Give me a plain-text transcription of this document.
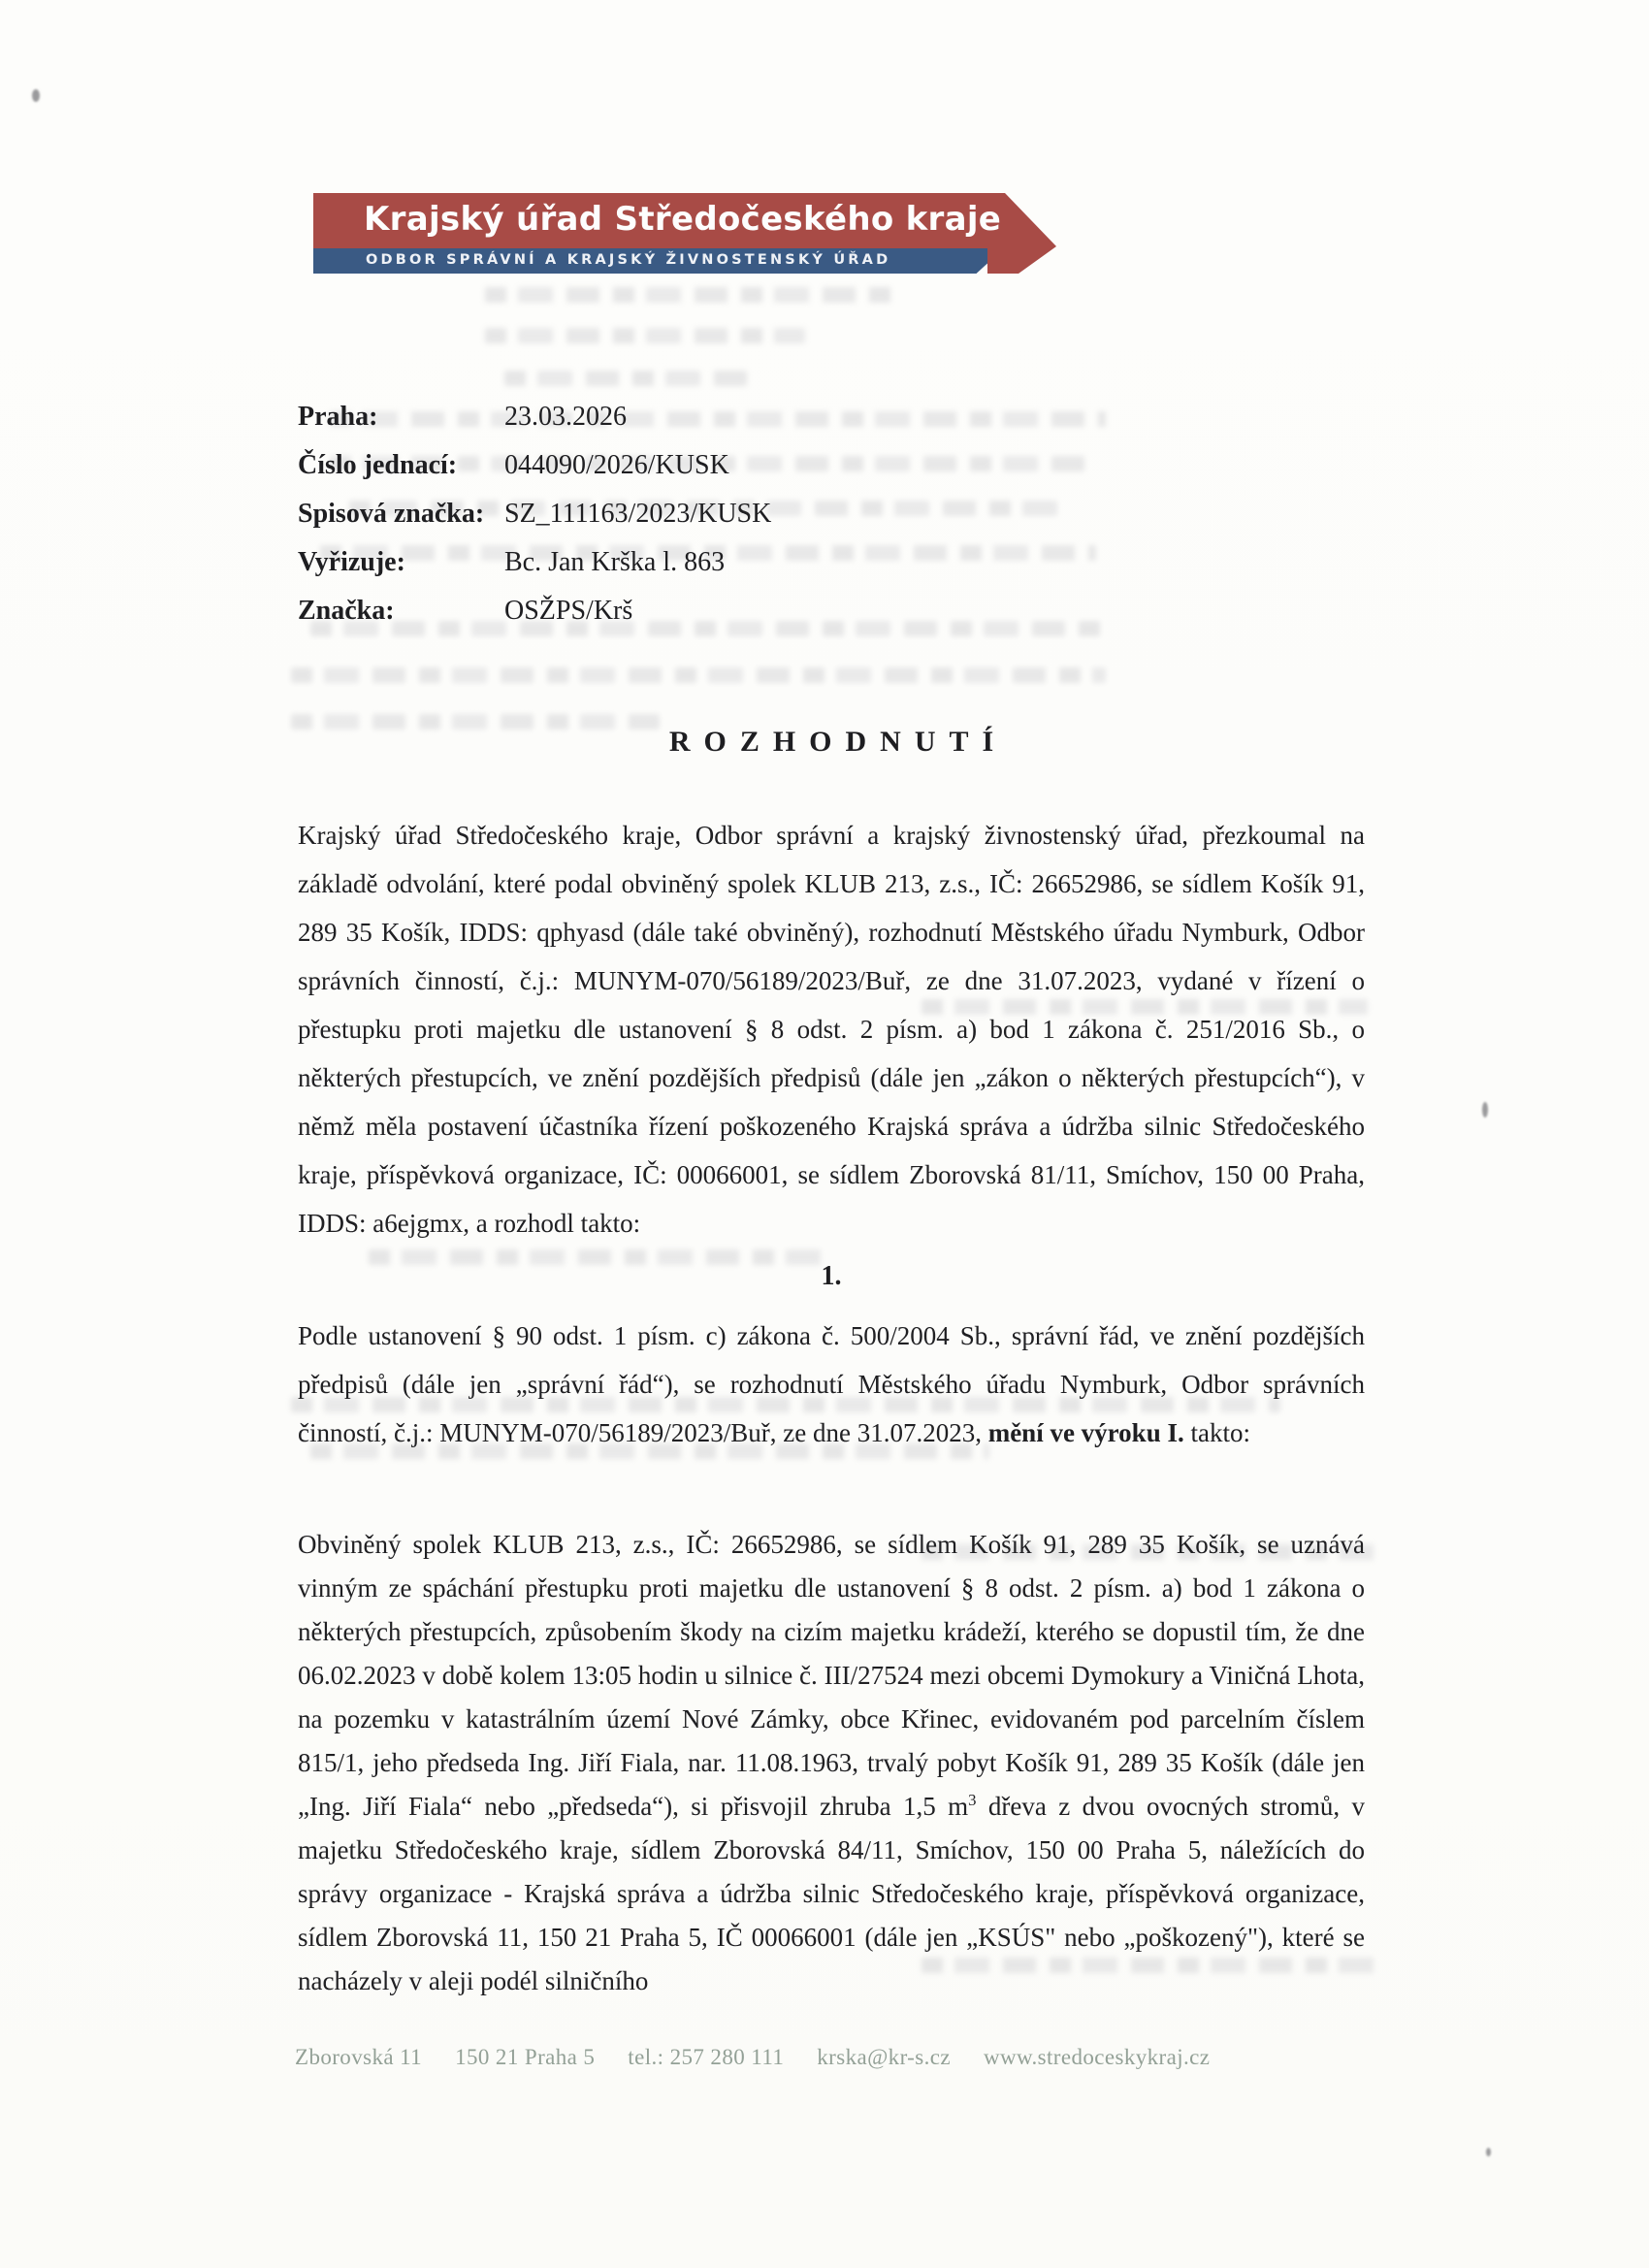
Krajský úřad Středočeského kraje
ODBOR SPRÁVNÍ A KRAJSKÝ ŽIVNOSTENSKÝ ÚŘAD
Praha:	23.03.2026
Číslo jednací:	044090/2026/KUSK
Spisová značka: SZ_111163/2023/KUSK
Vyřizuje:	Bc. Jan Krška l. 863
Značka:	OSŽPS/Krš
ROZHODNUTÍ
Krajský úřad Středočeského kraje, Odbor správní a krajský živnostenský úřad, přezkoumal na základě odvolání, které podal obviněný spolek KLUB 213, z.s., IČ: 26652986, se sídlem Košík 91, 289 35 Košík, IDDS: qphyasd (dále také obviněný), rozhodnutí Městského úřadu Nymburk, Odbor správních činností, č.j.: MUNYM-070/56189/2023/Buř, ze dne 31.07.2023, vydané v řízení o přestupku proti majetku dle ustanovení § 8 odst. 2 písm. a) bod 1 zákona č. 251/2016 Sb., o některých přestupcích, ve znění pozdějších předpisů (dále jen „zákon o některých přestupcích“), v němž měla postavení účastníka řízení poškozeného Krajská správa a údržba silnic Středočeského kraje, příspěvková organizace, IČ: 00066001, se sídlem Zborovská 81/11, Smíchov, 150 00 Praha, IDDS: a6ejgmx, a rozhodl takto:
1.
Podle ustanovení § 90 odst. 1 písm. c) zákona č. 500/2004 Sb., správní řád, ve znění pozdějších předpisů (dále jen „správní řád“), se rozhodnutí Městského úřadu Nymburk, Odbor správních činností, č.j.: MUNYM-070/56189/2023/Buř, ze dne 31.07.2023, mění ve výroku I. takto:
Obviněný spolek KLUB 213, z.s., IČ: 26652986, se sídlem Košík 91, 289 35 Košík, se uznává vinným ze spáchání přestupku proti majetku dle ustanovení § 8 odst. 2 písm. a) bod 1 zákona o některých přestupcích, způsobením škody na cizím majetku krádeží, kterého se dopustil tím, že dne 06.02.2023 v době kolem 13:05 hodin u silnice č. III/27524 mezi obcemi Dymokury a Viničná Lhota, na pozemku v katastrálním území Nové Zámky, obce Křinec, evidovaném pod parcelním číslem 815/1, jeho předseda Ing. Jiří Fiala, nar. 11.08.1963, trvalý pobyt Košík 91, 289 35 Košík (dále jen „Ing. Jiří Fiala“ nebo „předseda“), si přisvojil zhruba 1,5 $m^3$ dřeva z dvou ovocných stromů, v majetku Středočeského kraje, sídlem Zborovská 84/11, Smíchov, 150 00 Praha 5, náležících do správy organizace - Krajská správa a údržba silnic Středočeského kraje, příspěvková organizace, sídlem Zborovská 11, 150 21 Praha 5, IČ 00066001 (dále jen „KSÚS" nebo „poškozený"), které se nacházely v aleji podél silničního
Zborovská 11 150 21 Praha 5 tel.: 257 280 111 krska@kr-s.cz www.stredoceskykraj.cz
